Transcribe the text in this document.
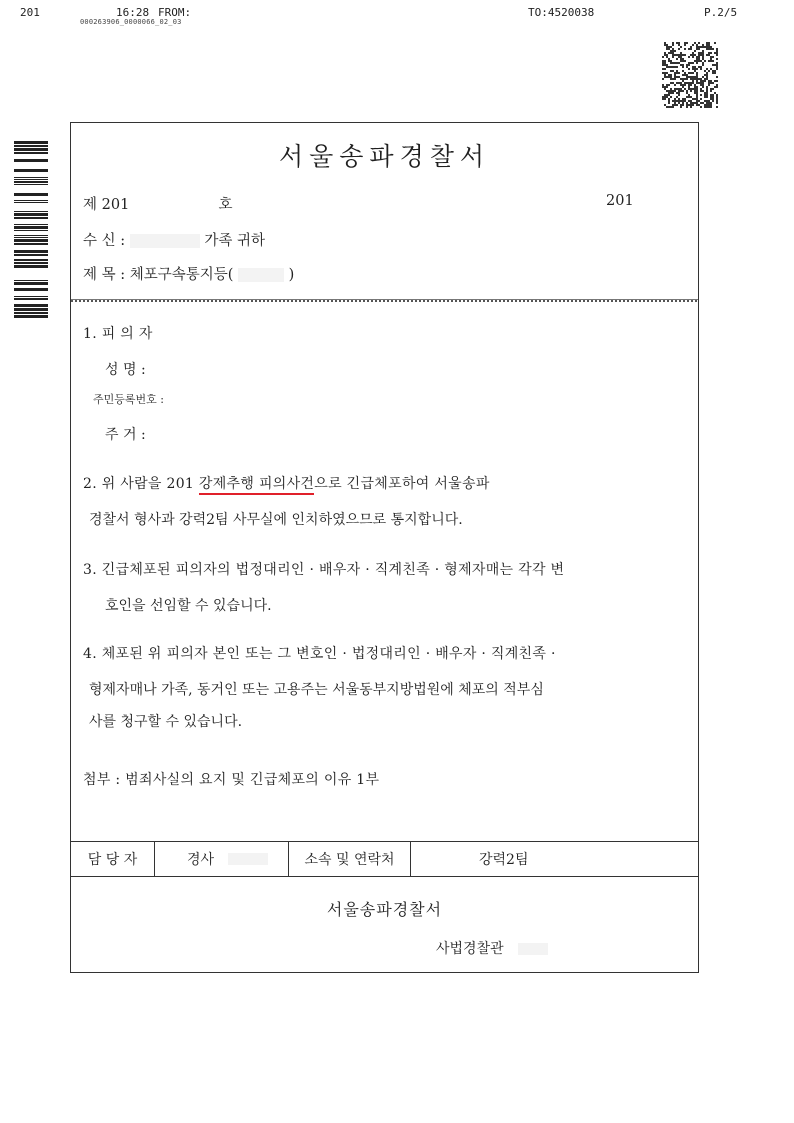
201	16:28 FROM:	TO:4520038	P.2/5
000263906_0000066_02_03
서울송파경찰서
제 201	호	201
수 신 :	가족 귀하
제 목 : 체포구속통지등(	)
1. 피 의 자
성 명 :
주민등록번호 :
주 거 :
2. 위 사람을 201 강제추행 피의사건으로 긴급체포하여 서울송파
경찰서 형사과 강력2팀 사무실에 인치하였으므로 통지합니다.
3. 긴급체포된 피의자의 법정대리인 · 배우자 · 직계친족 · 형제자매는 각각 변
호인을 선임할 수 있습니다.
4. 체포된 위 피의자 본인 또는 그 변호인 · 법정대리인 · 배우자 · 직계친족 ·
형제자매나 가족, 동거인 또는 고용주는 서울동부지방법원에 체포의 적부심
사를 청구할 수 있습니다.
첨부 : 범죄사실의 요지 및 긴급체포의 이유 1부
담 당 자	경사	소속 및 연락처	강력2팀
서울송파경찰서
사법경찰관
